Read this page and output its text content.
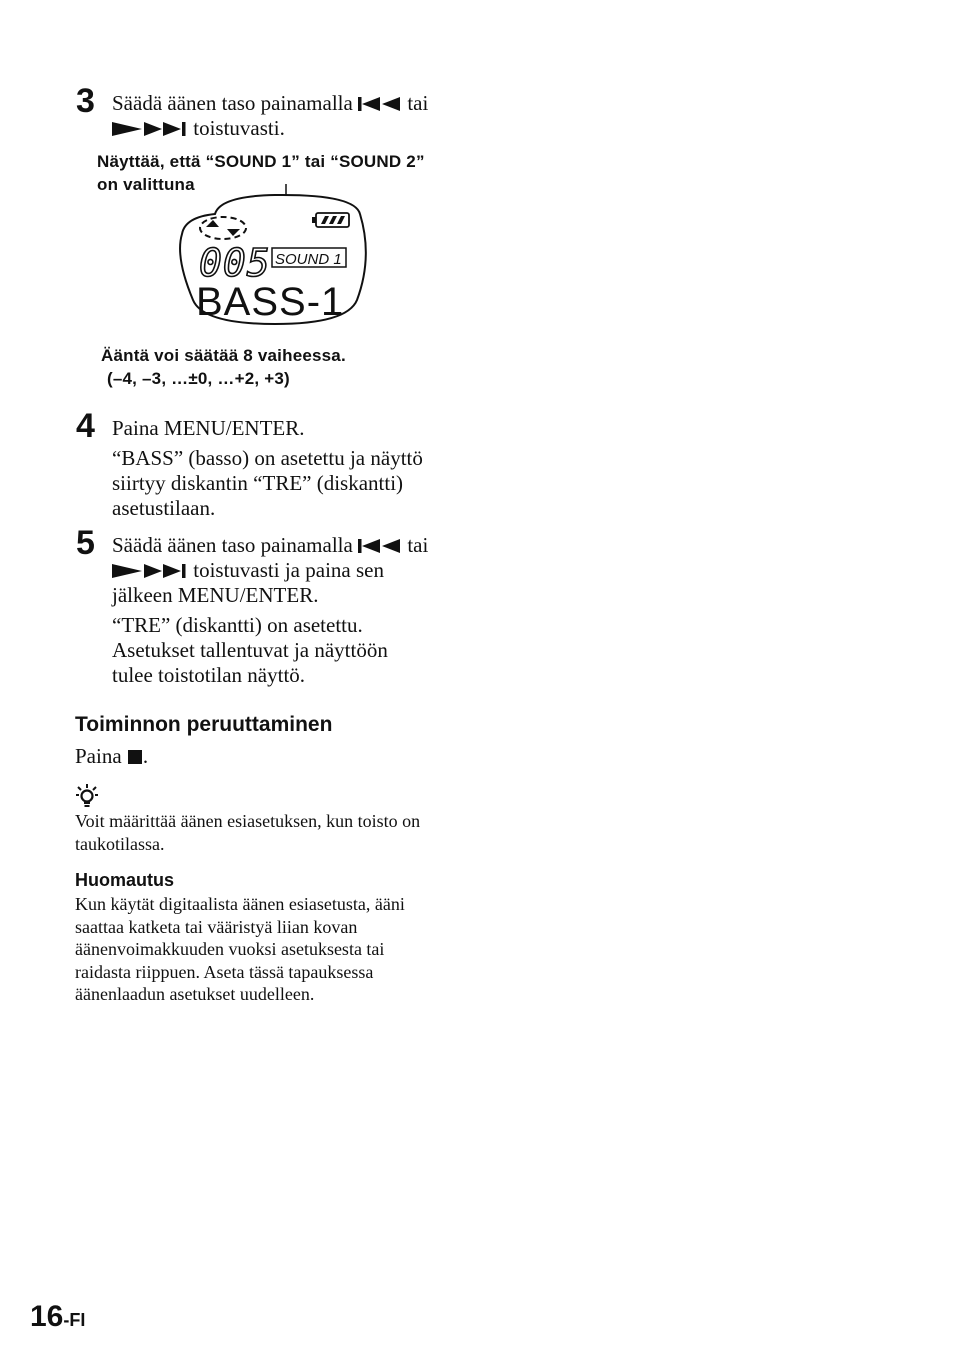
3 Säädä äänen taso painamalla	tai

toistuvasti.

Näyttää, että “SOUND 1” tai “SOUND 2”

on valittuna

005 SOUND 1
BASS-1

Ääntä voi säätää 8 vaiheessa.

(–4, –3, …±0, …+2, +3)

4 Paina MENU/ENTER.

“BASS” (basso) on asetettu ja näyttö

siirtyy diskantin “TRE” (diskantti)

asetustilaan.

5 Säädä äänen taso painamalla	tai

toistuvasti ja paina sen

jälkeen MENU/ENTER.

“TRE” (diskantti) on asetettu.

Asetukset tallentuvat ja näyttöön

tulee toistotilan näyttö.

Toiminnon peruuttaminen
Paina .

Voit määrittää äänen esiasetuksen, kun toisto on

taukotilassa.

Huomautus

Kun käytät digitaalista äänen esiasetusta, ääni

saattaa katketa tai vääristyä liian kovan

äänenvoimakkuuden vuoksi asetuksesta tai

raidasta riippuen. Aseta tässä tapauksessa

äänenlaadun asetukset uudelleen.

16-FI
